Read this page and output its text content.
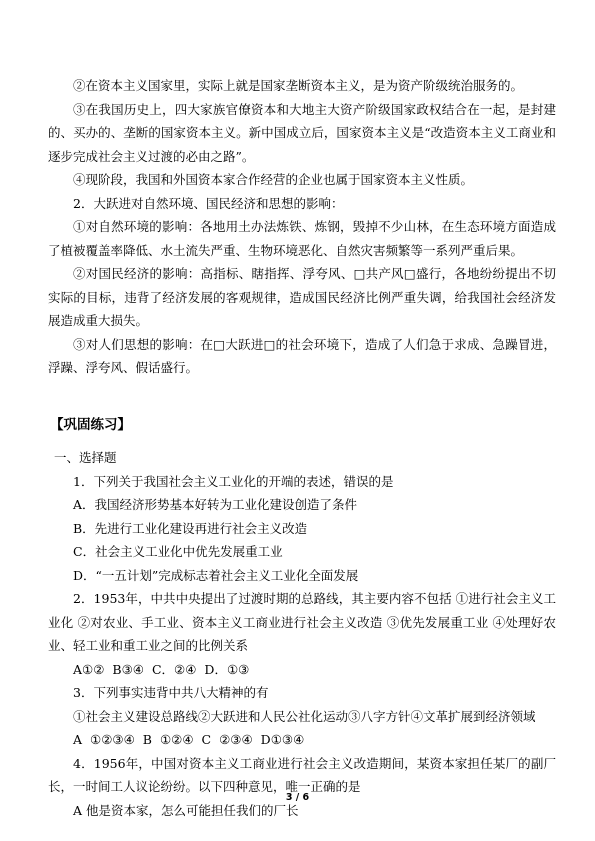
②在资本主义国家里，实际上就是国家垄断资本主义，是为资产阶级统治服务的。

③在我国历史上，四大家族官僚资本和大地主大资产阶级国家政权结合在一起，是封建的、买办的、垄断的国家资本主义。新中国成立后，国家资本主义是“改造资本主义工商业和逐步完成社会主义过渡的必由之路”。

④现阶段，我国和外国资本家合作经营的企业也属于国家资本主义性质。

2．大跃进对自然环境、国民经济和思想的影响：

①对自然环境的影响：各地用土办法炼铁、炼钢，毁掉不少山林，在生态环境方面造成了植被覆盖率降低、水土流失严重、生物环境恶化、自然灾害频繁等一系列严重后果。

②对国民经济的影响：高指标、瞎指挥、浮夸风、□共产风□盛行，各地纷纷提出不切实际的目标，违背了经济发展的客观规律，造成国民经济比例严重失调，给我国社会经济发展造成重大损失。

③对人们思想的影响：在□大跃进□的社会环境下，造成了人们急于求成、急躁冒进，浮躁、浮夸风、假话盛行。

【巩固练习】

一、选择题

1．下列关于我国社会主义工业化的开端的表述，错误的是

A．我国经济形势基本好转为工业化建设创造了条件

B．先进行工业化建设再进行社会主义改造

C．社会主义工业化中优先发展重工业

D．“一五计划”完成标志着社会主义工业化全面发展

2．1953年，中共中央提出了过渡时期的总路线，其主要内容不包括 ①进行社会主义工业化 ②对农业、手工业、资本主义工商业进行社会主义改造 ③优先发展重工业 ④处理好农业、轻工业和重工业之间的比例关系

A①② B③④ C．②④ D．①③

3．下列事实违背中共八大精神的有

①社会主义建设总路线②大跃进和人民公社化运动③八字方针④文革扩展到经济领域

A ①②③④ B ①②④ C ②③④ D①③④

4．1956年，中国对资本主义工商业进行社会主义改造期间，某资本家担任某厂的副厂长，一时间工人议论纷纷。以下四种意见，唯一正确的是

A 他是资本家，怎么可能担任我们的厂长

3 / 6
